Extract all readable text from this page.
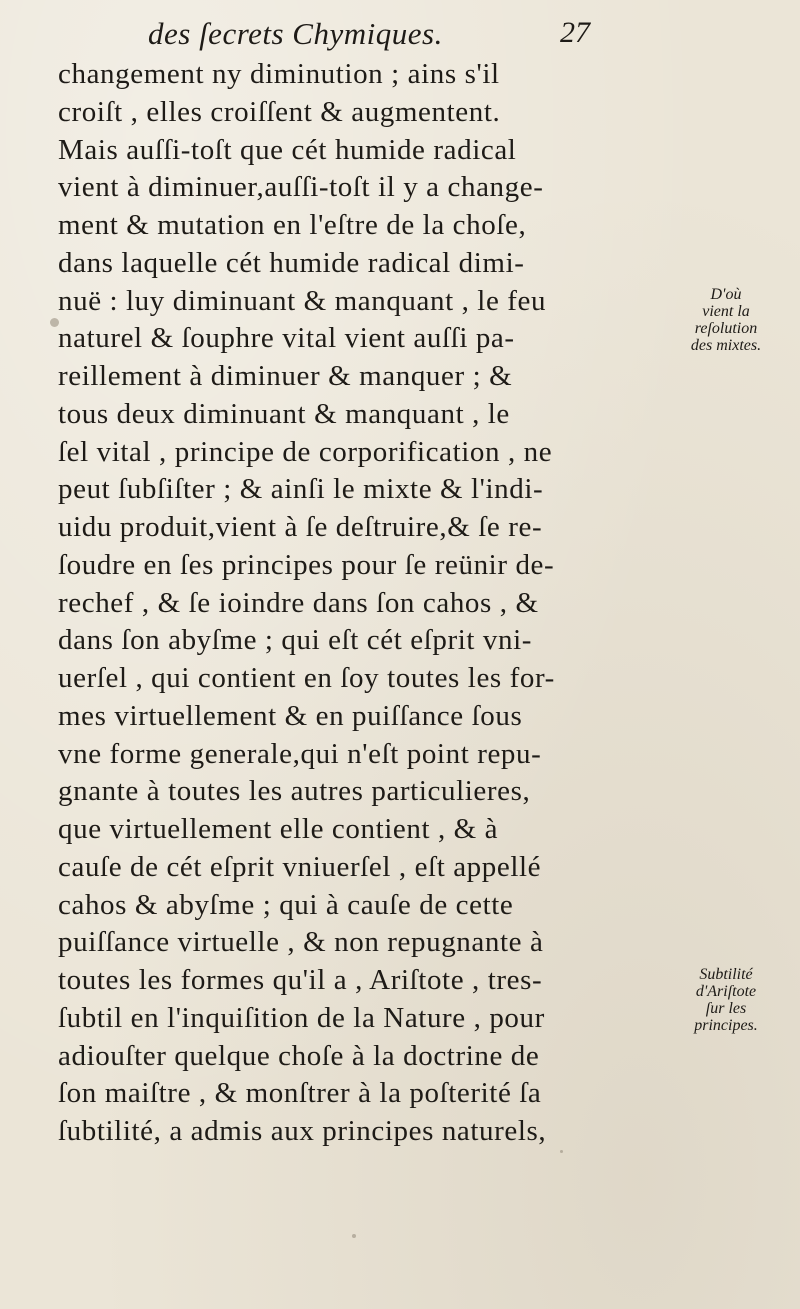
des ſecrets Chymiques.	27
changement ny diminution ; ains s'il
croiſt , elles croiſſent & augmentent.
Mais auſſi-toſt que cét humide radical
vient à diminuer,auſſi-toſt il y a change-
ment & mutation en l'eſtre de la choſe,
dans laquelle cét humide radical dimi-
nuë : luy diminuant & manquant , le feu
naturel & ſouphre vital vient auſſi pa-
reillement à diminuer & manquer ; &
tous deux diminuant & manquant , le
ſel vital , principe de corporification , ne
peut ſubſiſter ; & ainſi le mixte & l'indi-
uidu produit,vient à ſe deſtruire,& ſe re-
ſoudre en ſes principes pour ſe reünir de-
rechef , & ſe ioindre dans ſon cahos , &
dans ſon abyſme ; qui eſt cét eſprit vni-
uerſel , qui contient en ſoy toutes les for-
mes virtuellement & en puiſſance ſous
vne forme generale,qui n'eſt point repu-
gnante à toutes les autres particulieres,
que virtuellement elle contient , & à
cauſe de cét eſprit vniuerſel , eſt appellé
cahos & abyſme ; qui à cauſe de cette
puiſſance virtuelle , & non repugnante à
toutes les formes qu'il a , Ariſtote , tres-
ſubtil en l'inquiſition de la Nature , pour
adiouſter quelque choſe à la doctrine de
ſon maiſtre , & monſtrer à la poſterité ſa
ſubtilité, a admis aux principes naturels,
D'où
vient la
reſolution
des mixtes.
Subtilité
d'Ariſtote
ſur les
principes.
